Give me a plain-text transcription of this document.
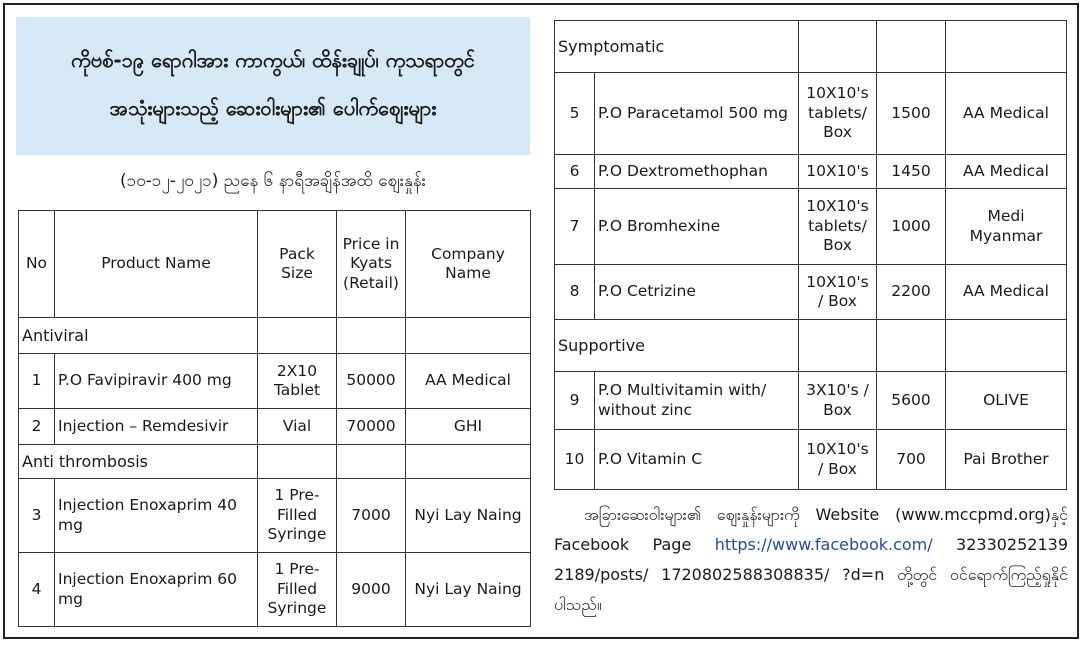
ကိုဗစ်-၁၉ ရောဂါအား ကာကွယ်၊ ထိန်းချုပ်၊ ကုသရာတွင်
အသုံးများသည့် ဆေးဝါးများ၏ ပေါက်စျေးများ
(၁၀-၁၂-၂၀၂၁) ညနေ ၆ နာရီအချိန်အထိ စျေးနှုန်း
No	Product Name	Pack Size	Price in Kyats (Retail)	Company Name
Antiviral				
1	P.O Favipiravir 400 mg	2X10 Tablet	50000	AA Medical
2	Injection – Remdesivir	Vial	70000	GHI
Anti thrombosis				
3	Injection Enoxaprim 40 mg	1 Pre-Filled Syringe	7000	Nyi Lay Naing
4	Injection Enoxaprim 60 mg	1 Pre-Filled Syringe	9000	Nyi Lay Naing
Symptomatic				
5	P.O Paracetamol 500 mg	10X10's tablets/ Box	1500	AA Medical
6	P.O Dextromethophan	10X10's	1450	AA Medical
7	P.O Bromhexine	10X10's tablets/ Box	1000	Medi Myanmar
8	P.O Cetrizine	10X10's / Box	2200	AA Medical
Supportive				
9	P.O Multivitamin with/ without zinc	3X10's / Box	5600	OLIVE
10	P.O Vitamin C	10X10's / Box	700	Pai Brother
အခြားဆေးဝါးများ၏ စျေးနှုန်းများကို Website (www.mccpmd.org)နှင့် Facebook Page https://www.facebook.com/ 32330252139 2189/posts/ 1720802588308835/ ?d=n တို့တွင် ဝင်ရောက်ကြည့်ရှုနိုင်ပါသည်။
